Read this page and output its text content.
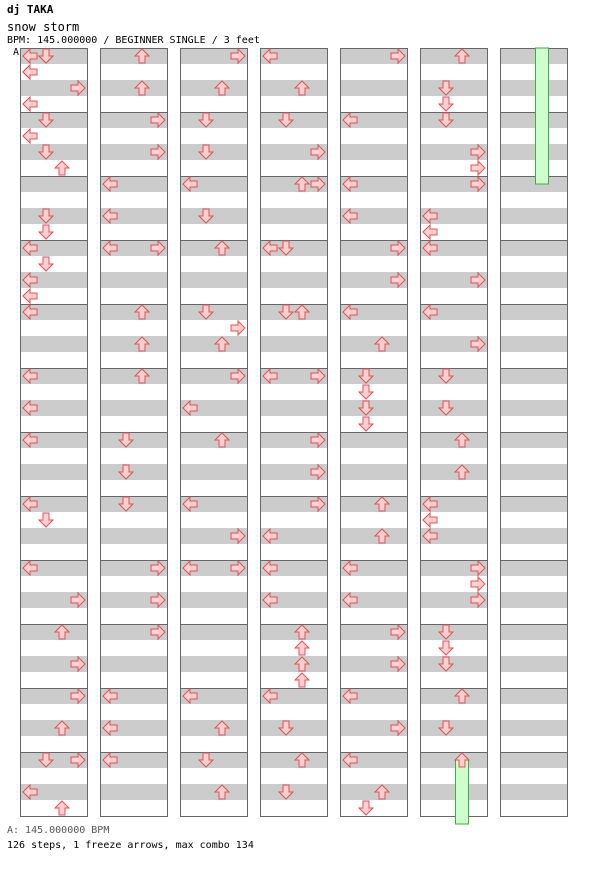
dj TAKA
snow storm
BPM: 145.000000 / BEGINNER SINGLE / 3 feet
A
A: 145.000000 BPM
126 steps, 1 freeze arrows, max combo 134
